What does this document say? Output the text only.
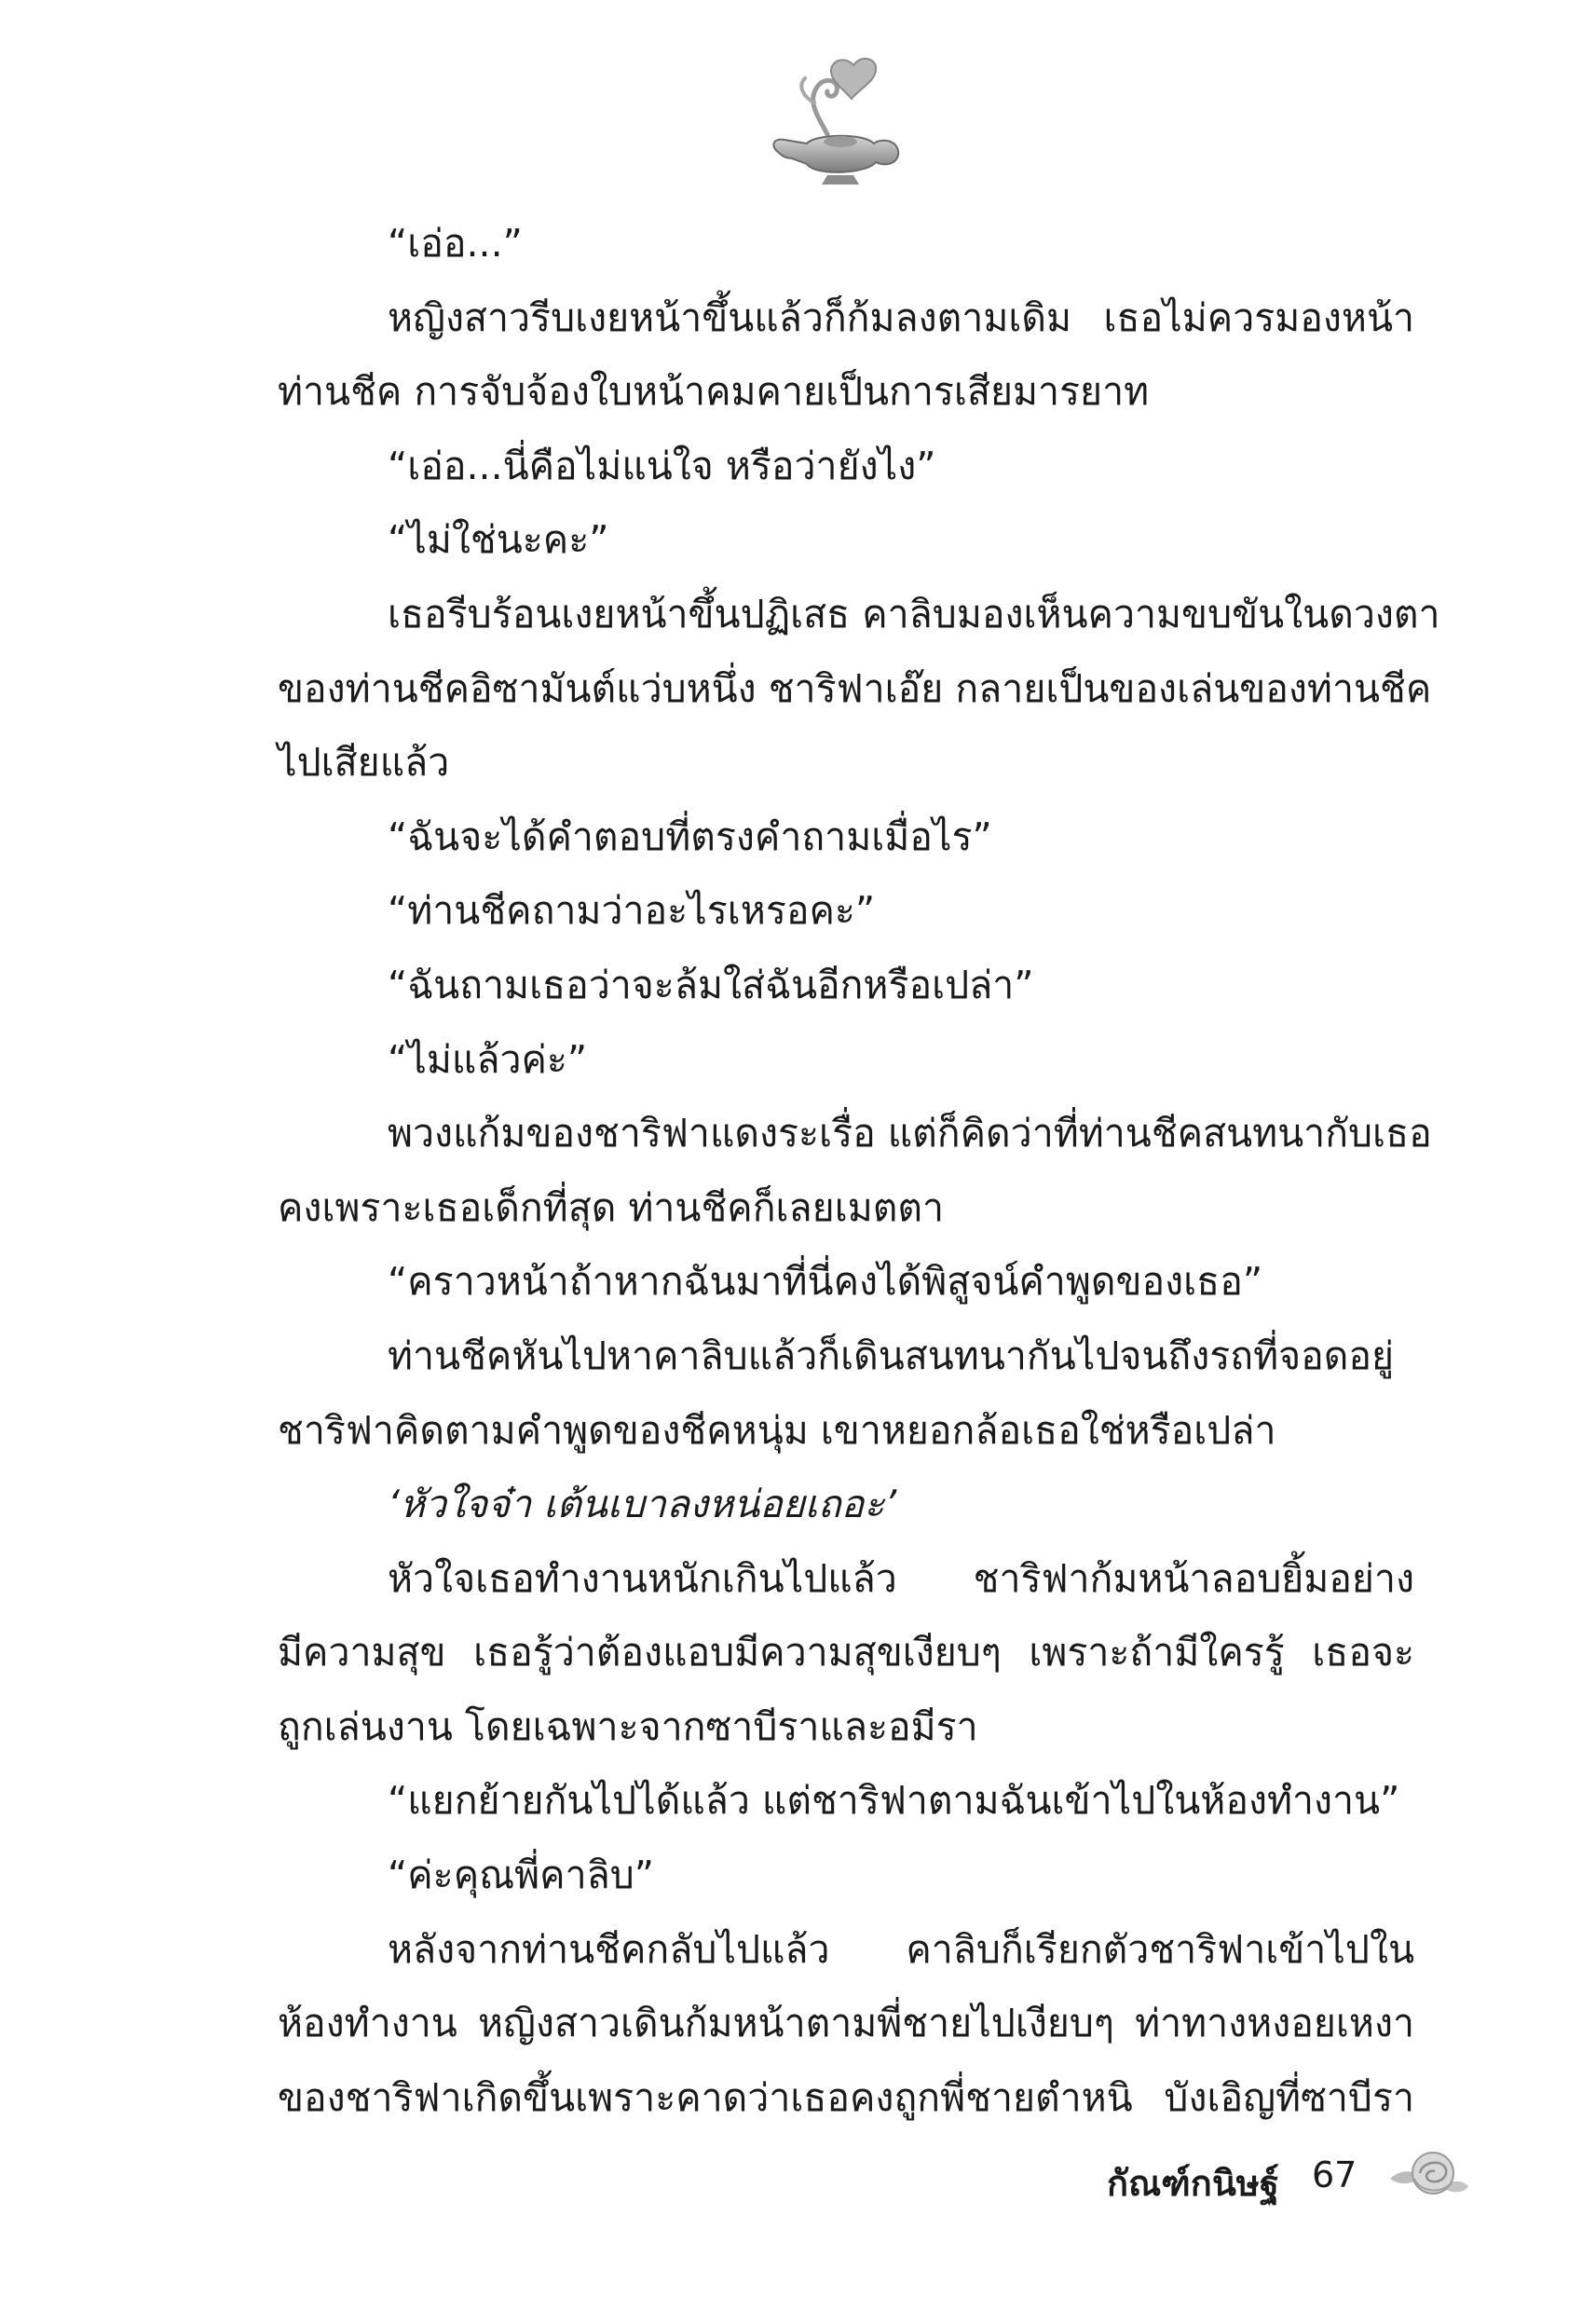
“เอ่อ...”
หญิงสาวรีบเงยหน้าขึ้นแล้วก็ก้มลงตามเดิม เธอไม่ควรมองหน้า
ท่านชีค การจับจ้องใบหน้าคมคายเป็นการเสียมารยาท
“เอ่อ...นี่คือไม่แน่ใจ หรือว่ายังไง”
“ไม่ใช่นะคะ”
เธอรีบร้อนเงยหน้าขึ้นปฏิเสธ คาลิบมองเห็นความขบขันในดวงตา
ของท่านชีคอิซามันต์แว่บหนึ่ง ชาริฟาเอ๊ย กลายเป็นของเล่นของท่านชีค
ไปเสียแล้ว
“ฉันจะได้คำตอบที่ตรงคำถามเมื่อไร”
“ท่านชีคถามว่าอะไรเหรอคะ”
“ฉันถามเธอว่าจะล้มใส่ฉันอีกหรือเปล่า”
“ไม่แล้วค่ะ”
พวงแก้มของชาริฟาแดงระเรื่อ แต่ก็คิดว่าที่ท่านชีคสนทนากับเธอ
คงเพราะเธอเด็กที่สุด ท่านชีคก็เลยเมตตา
“คราวหน้าถ้าหากฉันมาที่นี่คงได้พิสูจน์คำพูดของเธอ”
ท่านชีคหันไปหาคาลิบแล้วก็เดินสนทนากันไปจนถึงรถที่จอดอยู่
ชาริฟาคิดตามคำพูดของชีคหนุ่ม เขาหยอกล้อเธอใช่หรือเปล่า
‘หัวใจจ๋า เต้นเบาลงหน่อยเถอะ’
หัวใจเธอทำงานหนักเกินไปแล้ว ชาริฟาก้มหน้าลอบยิ้มอย่าง
มีความสุข เธอรู้ว่าต้องแอบมีความสุขเงียบๆ เพราะถ้ามีใครรู้ เธอจะ
ถูกเล่นงาน โดยเฉพาะจากซาบีราและอมีรา
“แยกย้ายกันไปได้แล้ว แต่ชาริฟาตามฉันเข้าไปในห้องทำงาน”
“ค่ะคุณพี่คาลิบ”
หลังจากท่านชีคกลับไปแล้ว คาลิบก็เรียกตัวชาริฟาเข้าไปใน
ห้องทำงาน หญิงสาวเดินก้มหน้าตามพี่ชายไปเงียบๆ ท่าทางหงอยเหงา
ของชาริฟาเกิดขึ้นเพราะคาดว่าเธอคงถูกพี่ชายตำหนิ บังเอิญที่ซาบีรา
กัณฑ์กนิษฐ์ 67
